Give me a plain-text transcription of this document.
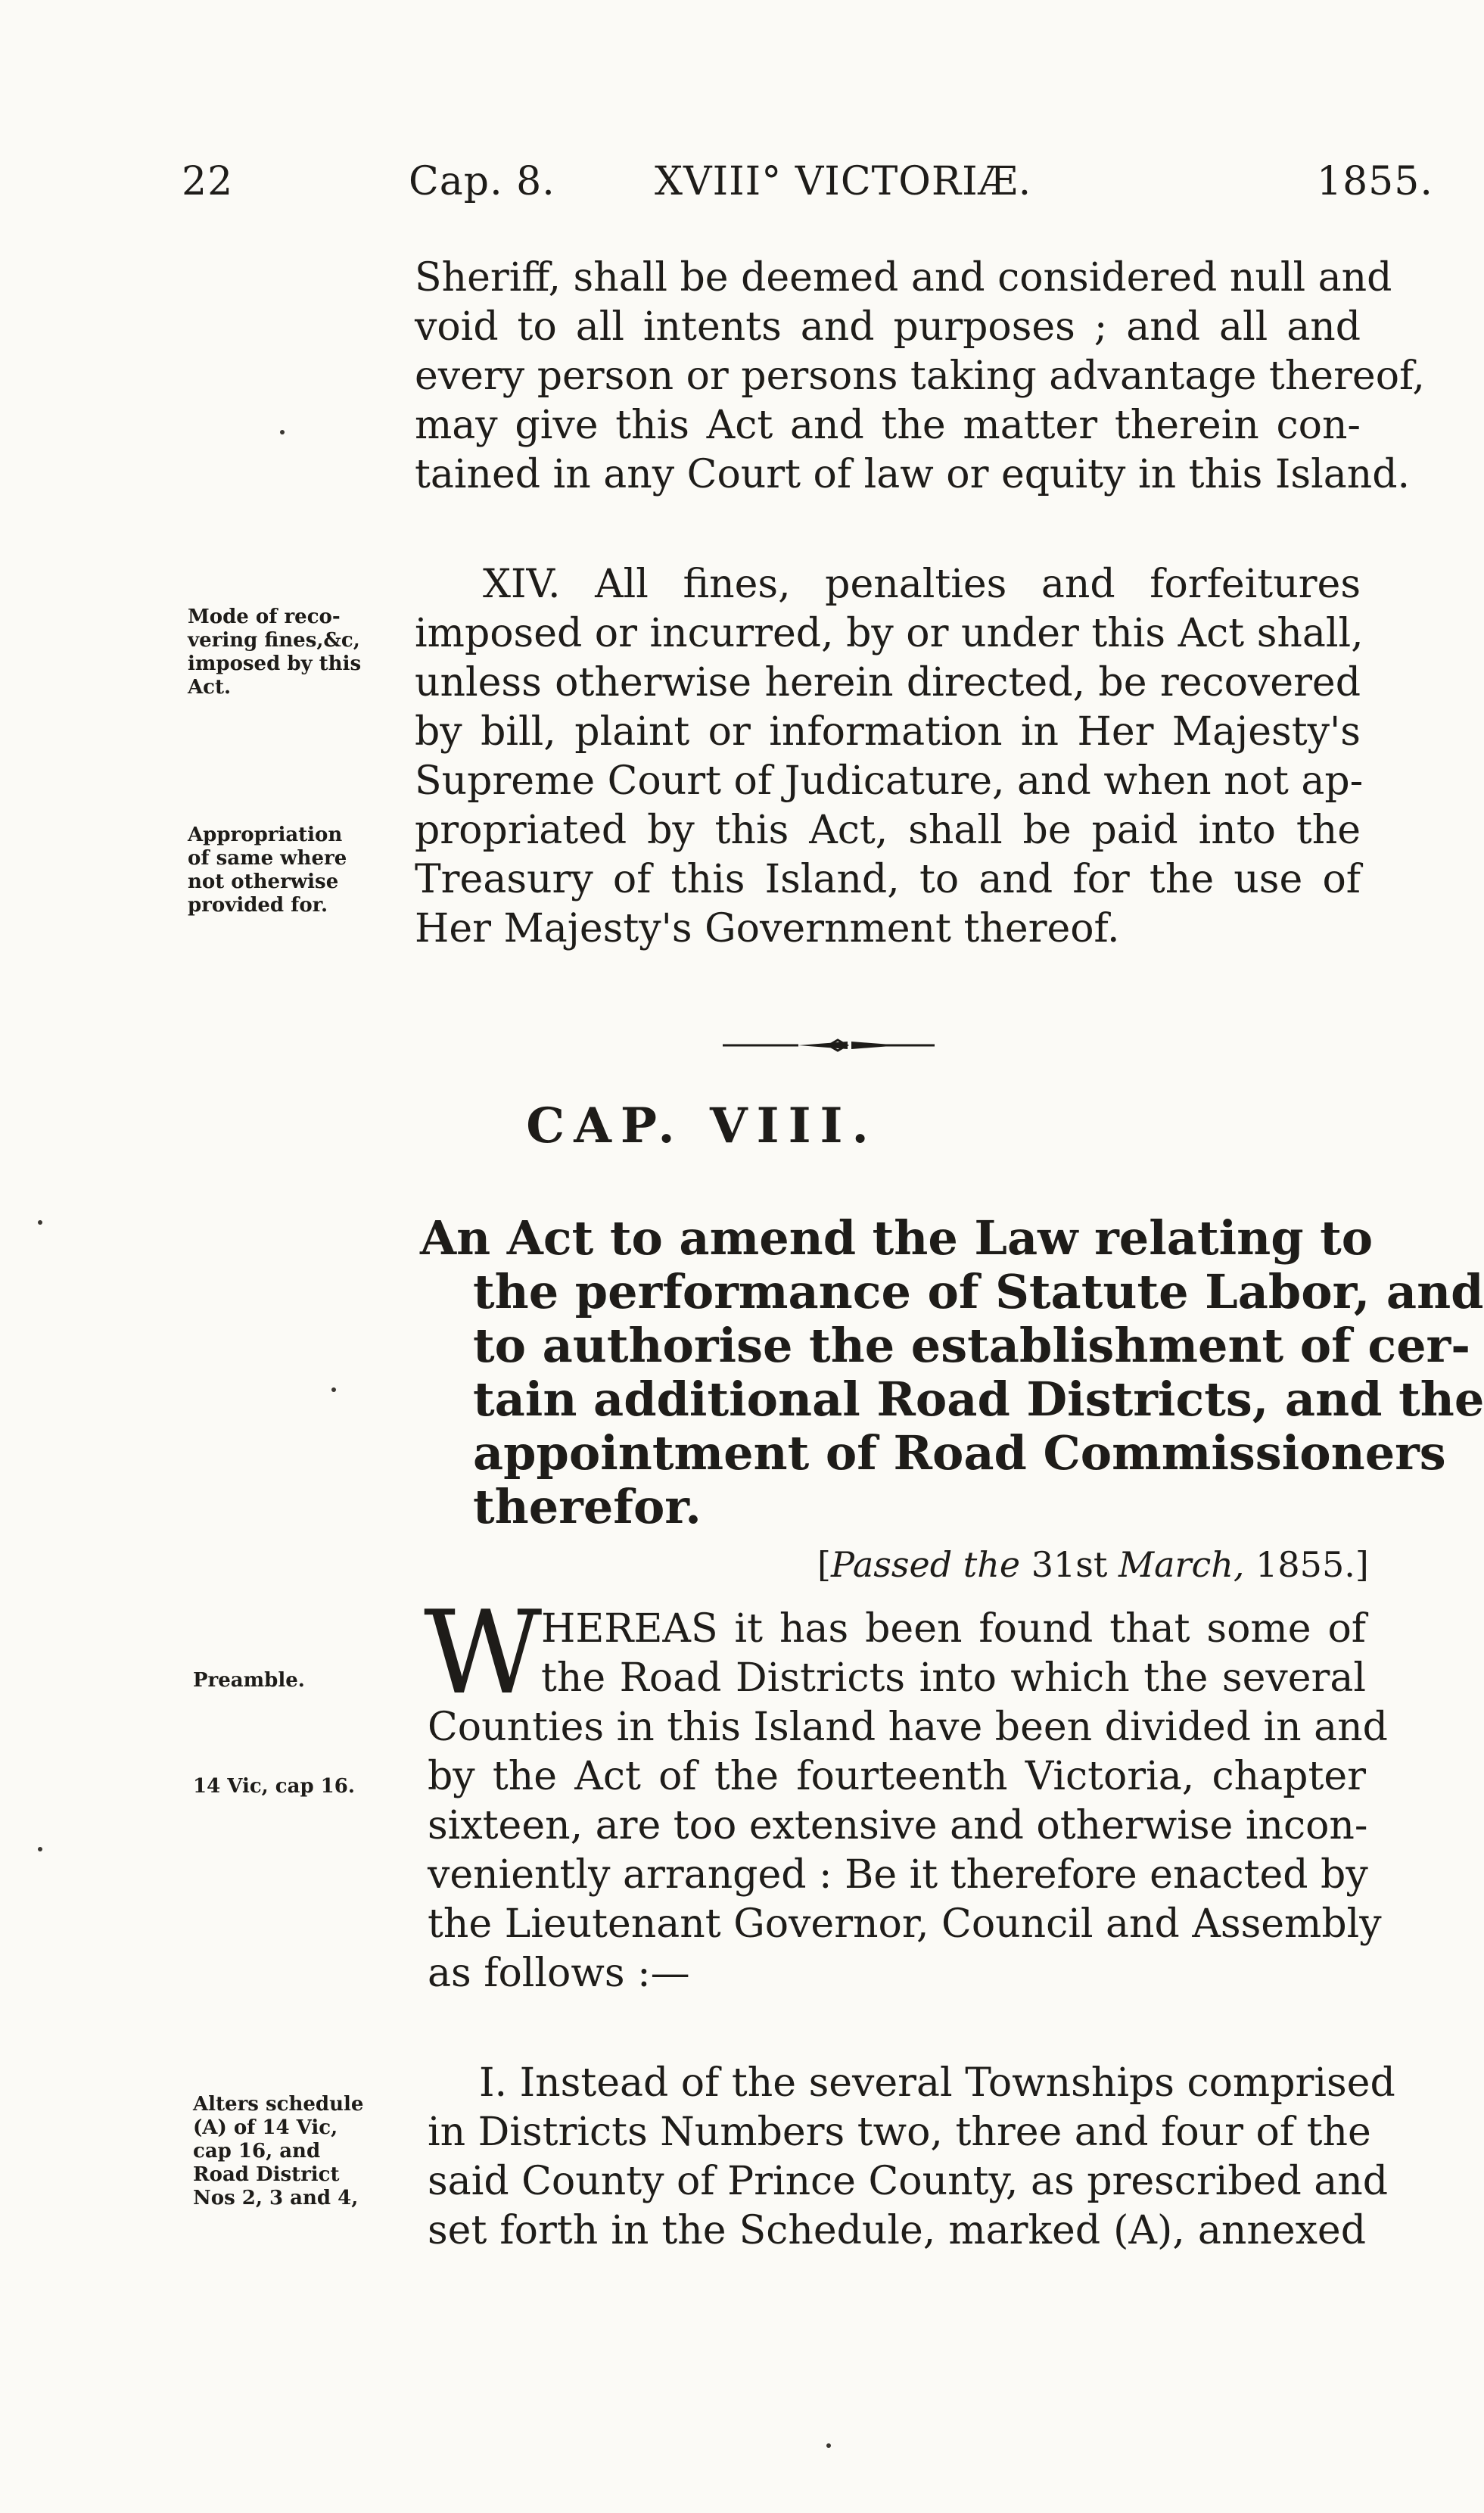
22	Cap. 8.	XVIII° VICTORIÆ.	1855.
Sheriff, shall be deemed and considered null and
void to all intents and purposes ; and all and
every person or persons taking advantage thereof,
may give this Act and the matter therein con-
tained in any Court of law or equity in this Island.
Mode of reco-
vering fines,&c,
imposed by this
Act.
Appropriation
of same where
not otherwise
provided for.
XIV. All fines, penalties and forfeitures
imposed or incurred, by or under this Act shall,
unless otherwise herein directed, be recovered
by bill, plaint or information in Her Majesty's
Supreme Court of Judicature, and when not ap-
propriated by this Act, shall be paid into the
Treasury of this Island, to and for the use of
Her Majesty's Government thereof.
CAP. VIII.
An Act to amend the Law relating to
the performance of Statute Labor, and
to authorise the establishment of cer-
tain additional Road Districts, and the
appointment of Road Commissioners
therefor.
[Passed the 31st March, 1855.]
Preamble.
14 Vic, cap 16.
W
HEREAS it has been found that some of
the Road Districts into which the several
Counties in this Island have been divided in and
by the Act of the fourteenth Victoria, chapter
sixteen, are too extensive and otherwise incon-
veniently arranged : Be it therefore enacted by
the Lieutenant Governor, Council and Assembly
as follows :—
Alters schedule
(A) of 14 Vic,
cap 16, and
Road District
Nos 2, 3 and 4,
I. Instead of the several Townships comprised
in Districts Numbers two, three and four of the
said County of Prince County, as prescribed and
set forth in the Schedule, marked (A), annexed
